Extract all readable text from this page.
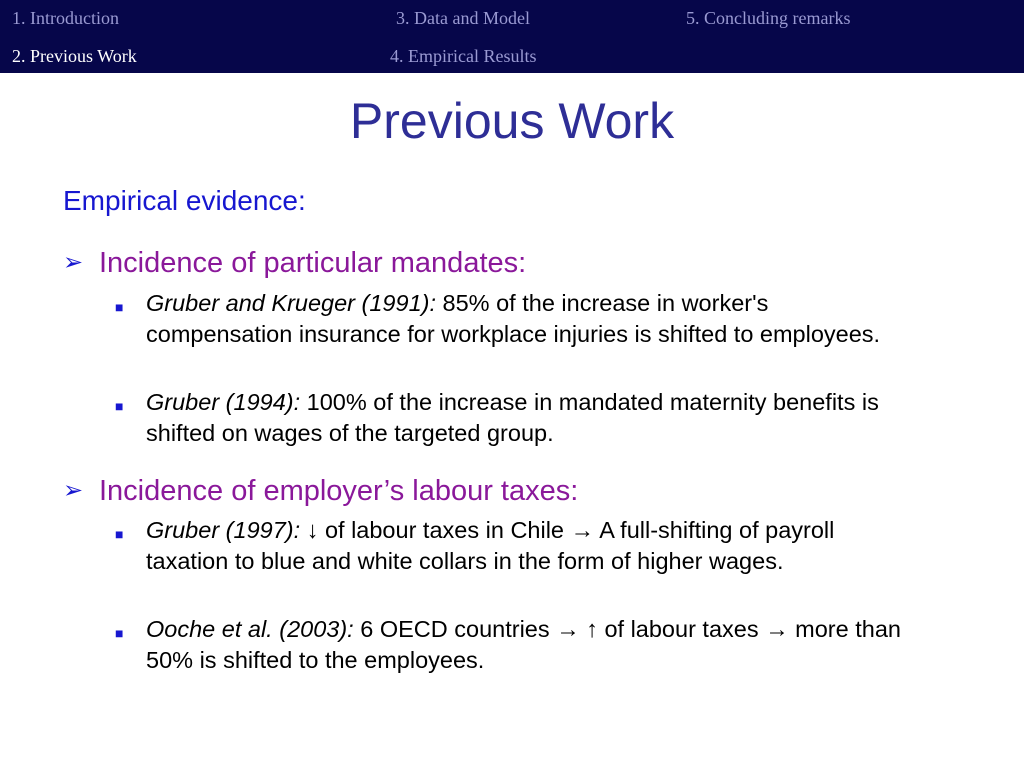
1. Introduction
2. Previous Work
3. Data and Model
4. Empirical Results
5. Concluding remarks
Previous Work
Empirical evidence:
➢ Incidence of particular mandates:
■ Gruber and Krueger (1991): 85% of the increase in worker's compensation insurance for workplace injuries is shifted to employees.
■ Gruber (1994): 100% of the increase in mandated maternity benefits is shifted on wages of the targeted group.
➢ Incidence of employer’s labour taxes:
■ Gruber (1997): ↓ of labour taxes in Chile → A full-shifting of payroll taxation to blue and white collars in the form of higher wages.
■ Ooche et al. (2003): 6 OECD countries → ↑ of labour taxes → more than 50% is shifted to the employees.
